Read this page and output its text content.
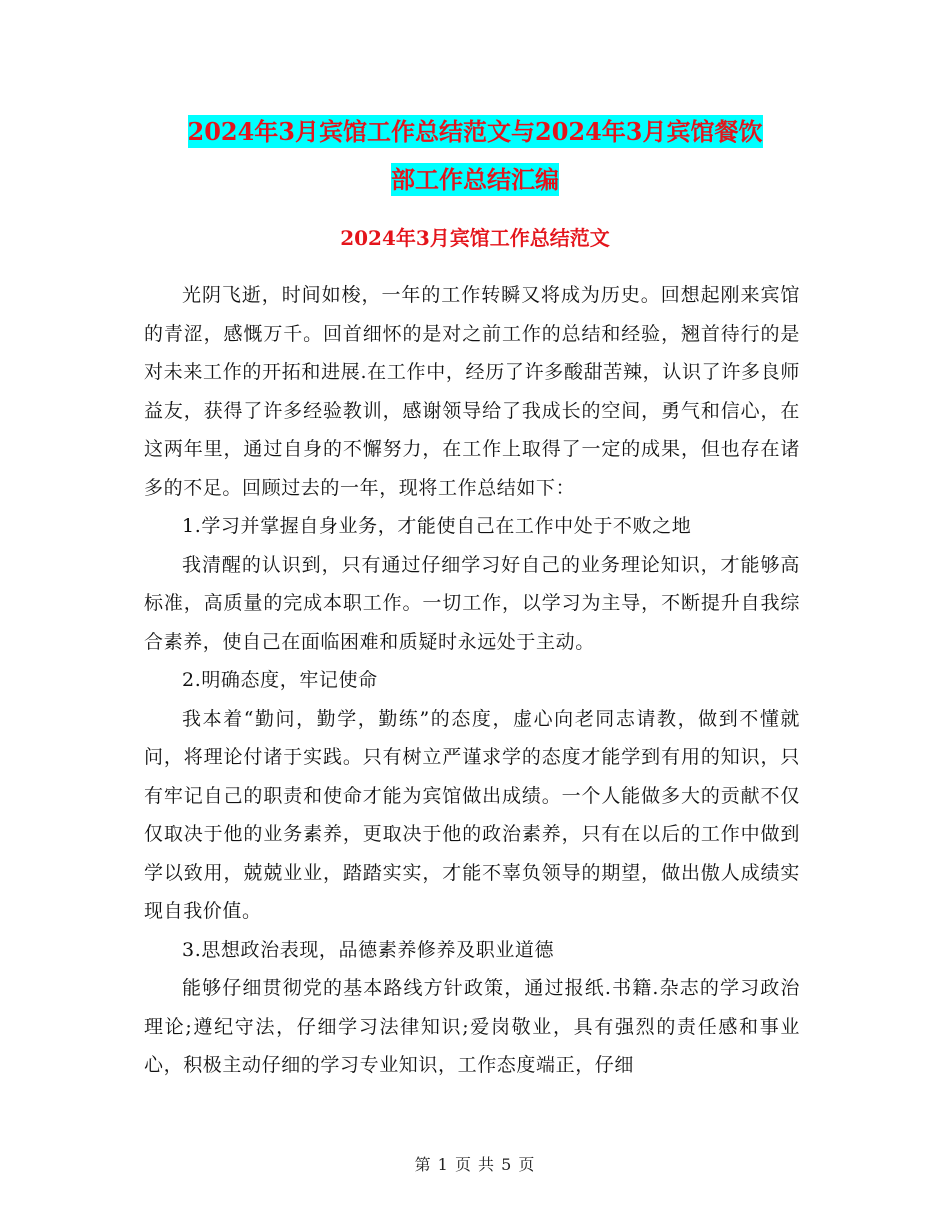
2024年3月宾馆工作总结范文与2024年3月宾馆餐饮
部工作总结汇编
2024年3月宾馆工作总结范文

光阴飞逝，时间如梭，一年的工作转瞬又将成为历史。回想起刚来宾馆的青涩，感慨万千。回首细怀的是对之前工作的总结和经验，翘首待行的是对未来工作的开拓和进展.在工作中，经历了许多酸甜苦辣，认识了许多良师益友，获得了许多经验教训，感谢领导给了我成长的空间，勇气和信心，在这两年里，通过自身的不懈努力，在工作上取得了一定的成果，但也存在诸多的不足。回顾过去的一年，现将工作总结如下：

1.学习并掌握自身业务，才能使自己在工作中处于不败之地

我清醒的认识到，只有通过仔细学习好自己的业务理论知识，才能够高标准，高质量的完成本职工作。一切工作，以学习为主导，不断提升自我综合素养，使自己在面临困难和质疑时永远处于主动。

2.明确态度，牢记使命

我本着“勤问，勤学，勤练”的态度，虚心向老同志请教，做到不懂就问，将理论付诸于实践。只有树立严谨求学的态度才能学到有用的知识，只有牢记自己的职责和使命才能为宾馆做出成绩。一个人能做多大的贡献不仅仅取决于他的业务素养，更取决于他的政治素养，只有在以后的工作中做到学以致用，兢兢业业，踏踏实实，才能不辜负领导的期望，做出傲人成绩实现自我价值。

3.思想政治表现，品德素养修养及职业道德

能够仔细贯彻党的基本路线方针政策，通过报纸.书籍.杂志的学习政治理论;遵纪守法，仔细学习法律知识;爱岗敬业，具有强烈的责任感和事业心，积极主动仔细的学习专业知识，工作态度端正，仔细

第 1 页 共 5 页
